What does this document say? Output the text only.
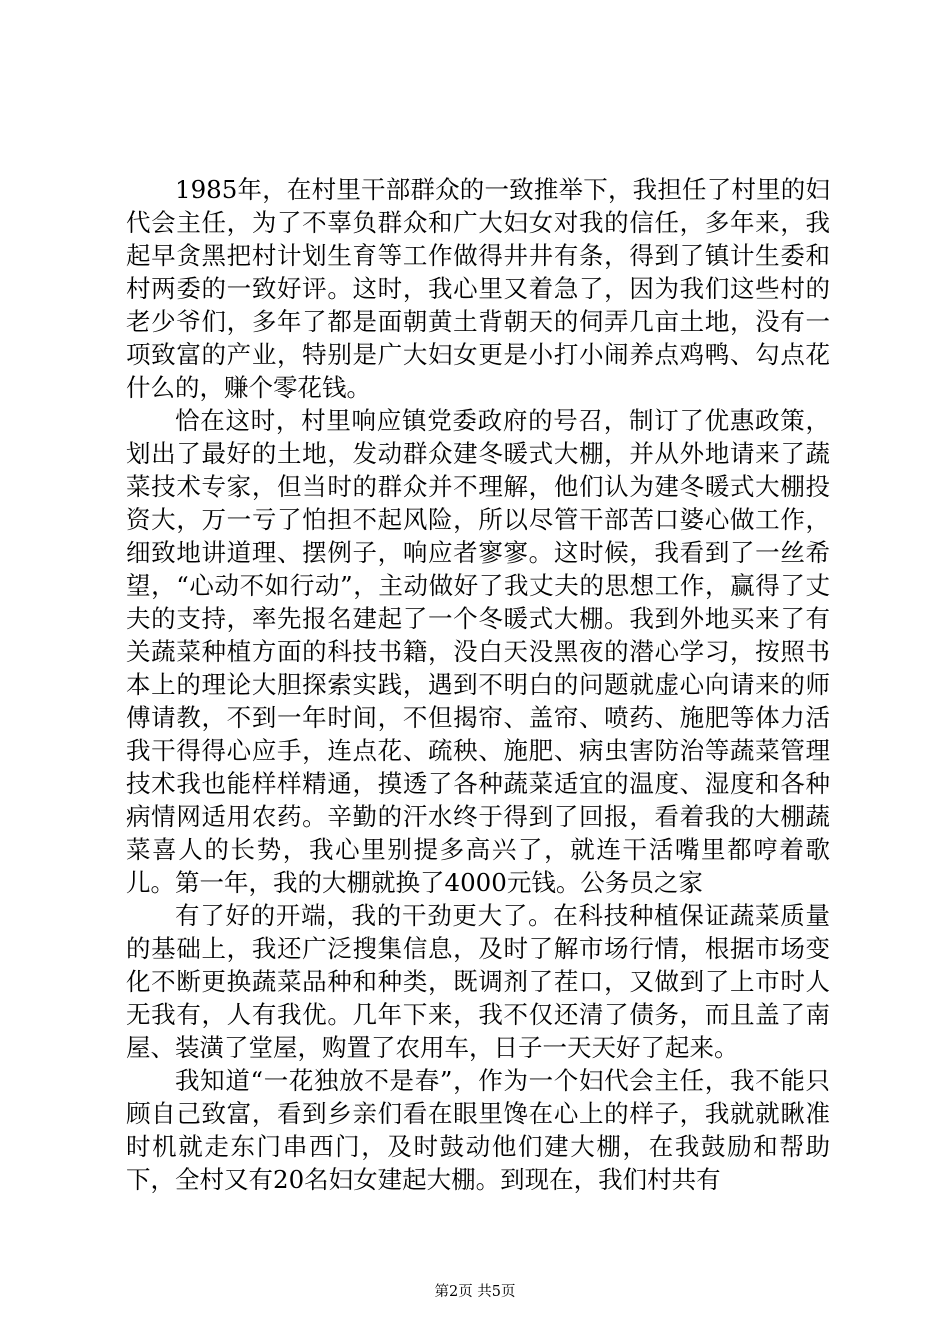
1985年，在村里干部群众的一致推举下，我担任了村里的妇代会主任，为了不辜负群众和广大妇女对我的信任，多年来，我起早贪黑把村计划生育等工作做得井井有条，得到了镇计生委和村两委的一致好评。这时，我心里又着急了，因为我们这些村的老少爷们，多年了都是面朝黄土背朝天的伺弄几亩土地，没有一项致富的产业，特别是广大妇女更是小打小闹养点鸡鸭、勾点花什么的，赚个零花钱。

恰在这时，村里响应镇党委政府的号召，制订了优惠政策，划出了最好的土地，发动群众建冬暖式大棚，并从外地请来了蔬菜技术专家，但当时的群众并不理解，他们认为建冬暖式大棚投资大，万一亏了怕担不起风险，所以尽管干部苦口婆心做工作，细致地讲道理、摆例子，响应者寥寥。这时候，我看到了一丝希望，“心动不如行动”，主动做好了我丈夫的思想工作，赢得了丈夫的支持，率先报名建起了一个冬暖式大棚。我到外地买来了有关蔬菜种植方面的科技书籍，没白天没黑夜的潜心学习，按照书本上的理论大胆探索实践，遇到不明白的问题就虚心向请来的师傅请教，不到一年时间，不但揭帘、盖帘、喷药、施肥等体力活我干得得心应手，连点花、疏秧、施肥、病虫害防治等蔬菜管理技术我也能样样精通，摸透了各种蔬菜适宜的温度、湿度和各种病情网适用农药。辛勤的汗水终于得到了回报，看着我的大棚蔬菜喜人的长势，我心里别提多高兴了，就连干活嘴里都哼着歌儿。第一年，我的大棚就换了4000元钱。公务员之家

有了好的开端，我的干劲更大了。在科技种植保证蔬菜质量的基础上，我还广泛搜集信息，及时了解市场行情，根据市场变化不断更换蔬菜品种和种类，既调剂了茬口，又做到了上市时人无我有，人有我优。几年下来，我不仅还清了债务，而且盖了南屋、装潢了堂屋，购置了农用车，日子一天天好了起来。

我知道“一花独放不是春”，作为一个妇代会主任，我不能只顾自己致富，看到乡亲们看在眼里馋在心上的样子，我就就瞅准时机就走东门串西门，及时鼓动他们建大棚，在我鼓励和帮助下，全村又有20名妇女建起大棚。到现在，我们村共有

第2页 共5页
